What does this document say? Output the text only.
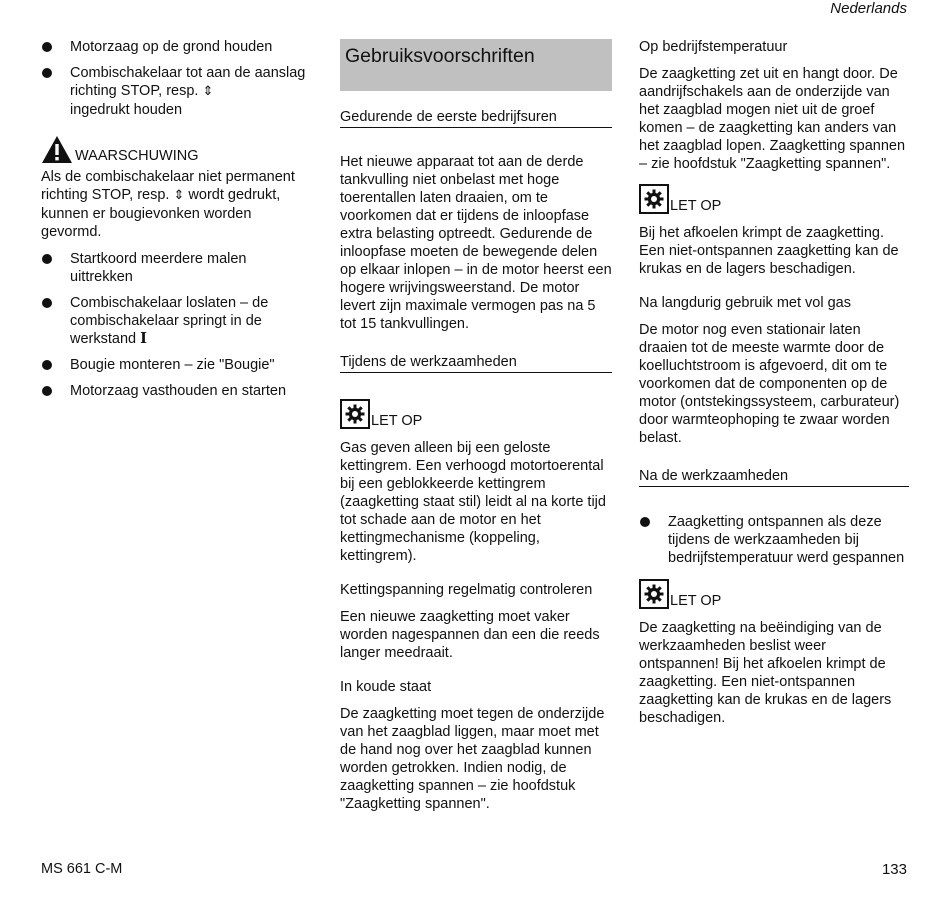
Nederlands
Motorzaag op de grond houden
Combischakelaar tot aan de aanslag richting STOP, resp. ⇕
ingedrukt houden
WAARSCHUWING

Als de combischakelaar niet permanent richting STOP, resp. ⇕ wordt gedrukt, kunnen er bougievonken worden gevormd.

Startkoord meerdere malen uittrekken
Combischakelaar loslaten – de combischakelaar springt in de werkstand I
Bougie monteren – zie "Bougie"
Motorzaag vasthouden en starten
Gebruiksvoorschriften
Gedurende de eerste bedrijfsuren

Het nieuwe apparaat tot aan de derde tankvulling niet onbelast met hoge toerentallen laten draaien, om te voorkomen dat er tijdens de inloopfase extra belasting optreedt. Gedurende de inloopfase moeten de bewegende delen op elkaar inlopen – in de motor heerst een hogere wrijvingsweerstand. De motor levert zijn maximale vermogen pas na 5 tot 15 tankvullingen.

Tijdens de werkzaamheden
LET OP

Gas geven alleen bij een geloste kettingrem. Een verhoogd motortoerental bij een geblokkeerde kettingrem (zaagketting staat stil) leidt al na korte tijd tot schade aan de motor en het kettingmechanisme (koppeling, kettingrem).

Kettingspanning regelmatig controleren

Een nieuwe zaagketting moet vaker worden nagespannen dan een die reeds langer meedraait.

In koude staat

De zaagketting moet tegen de onderzijde van het zaagblad liggen, maar moet met de hand nog over het zaagblad kunnen worden getrokken. Indien nodig, de zaagketting spannen – zie hoofdstuk "Zaagketting spannen".

Op bedrijfstemperatuur

De zaagketting zet uit en hangt door. De aandrijfschakels aan de onderzijde van het zaagblad mogen niet uit de groef komen – de zaagketting kan anders van het zaagblad lopen. Zaagketting spannen – zie hoofdstuk "Zaagketting spannen".

LET OP

Bij het afkoelen krimpt de zaagketting. Een niet-ontspannen zaagketting kan de krukas en de lagers beschadigen.

Na langdurig gebruik met vol gas

De motor nog even stationair laten draaien tot de meeste warmte door de koelluchtstroom is afgevoerd, dit om te voorkomen dat de componenten op de motor (ontstekingssysteem, carburateur) door warmteophoping te zwaar worden belast.

Na de werkzaamheden
Zaagketting ontspannen als deze tijdens de werkzaamheden bij bedrijfstemperatuur werd gespannen
LET OP

De zaagketting na beëindiging van de werkzaamheden beslist weer ontspannen! Bij het afkoelen krimpt de zaagketting. Een niet-ontspannen zaagketting kan de krukas en de lagers beschadigen.

MS 661 C-M	133
